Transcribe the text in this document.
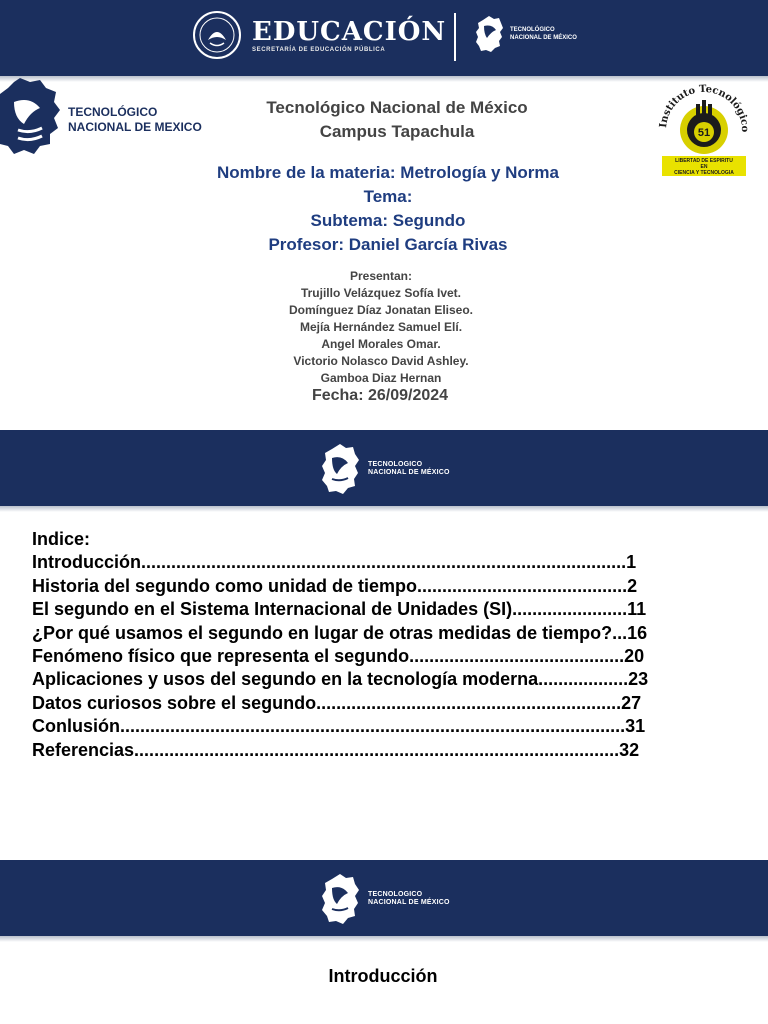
EDUCACIÓN
SECRETARÍA DE EDUCACIÓN PÚBLICA
TECNOLÓGICO
NACIONAL DE MÉXICO
TECNOLÓGICO
NACIONAL DE MEXICO	Instituto Tecnológico
51
LIBERTAD DE ESPIRITU
EN
CIENCIA Y TECNOLOGIA
Tecnológico Nacional de México
Campus Tapachula
Nombre de la materia: Metrología y Norma
Tema:
Subtema: Segundo
Profesor: Daniel García Rivas
Presentan:
Trujillo Velázquez Sofía Ivet.
Domínguez Díaz Jonatan Eliseo.
Mejía Hernández Samuel Elí.
Angel Morales Omar.
Victorio Nolasco David Ashley.
Gamboa Diaz Hernan
Fecha: 26/09/2024
TECNOLOGICO
NACIONAL DE MÉXICO
Indice:
Introducción.................................................................................................1
Historia del segundo como unidad de tiempo..........................................2
El segundo en el Sistema Internacional de Unidades (SI).......................11
¿Por qué usamos el segundo en lugar de otras medidas de tiempo?...16
Fenómeno físico que representa el segundo...........................................20
Aplicaciones y usos del segundo en la tecnología moderna..................23
Datos curiosos sobre el segundo.............................................................27
Conlusión.....................................................................................................31
Referencias.................................................................................................32
TECNOLOGICO
NACIONAL DE MÉXICO
Introducción
